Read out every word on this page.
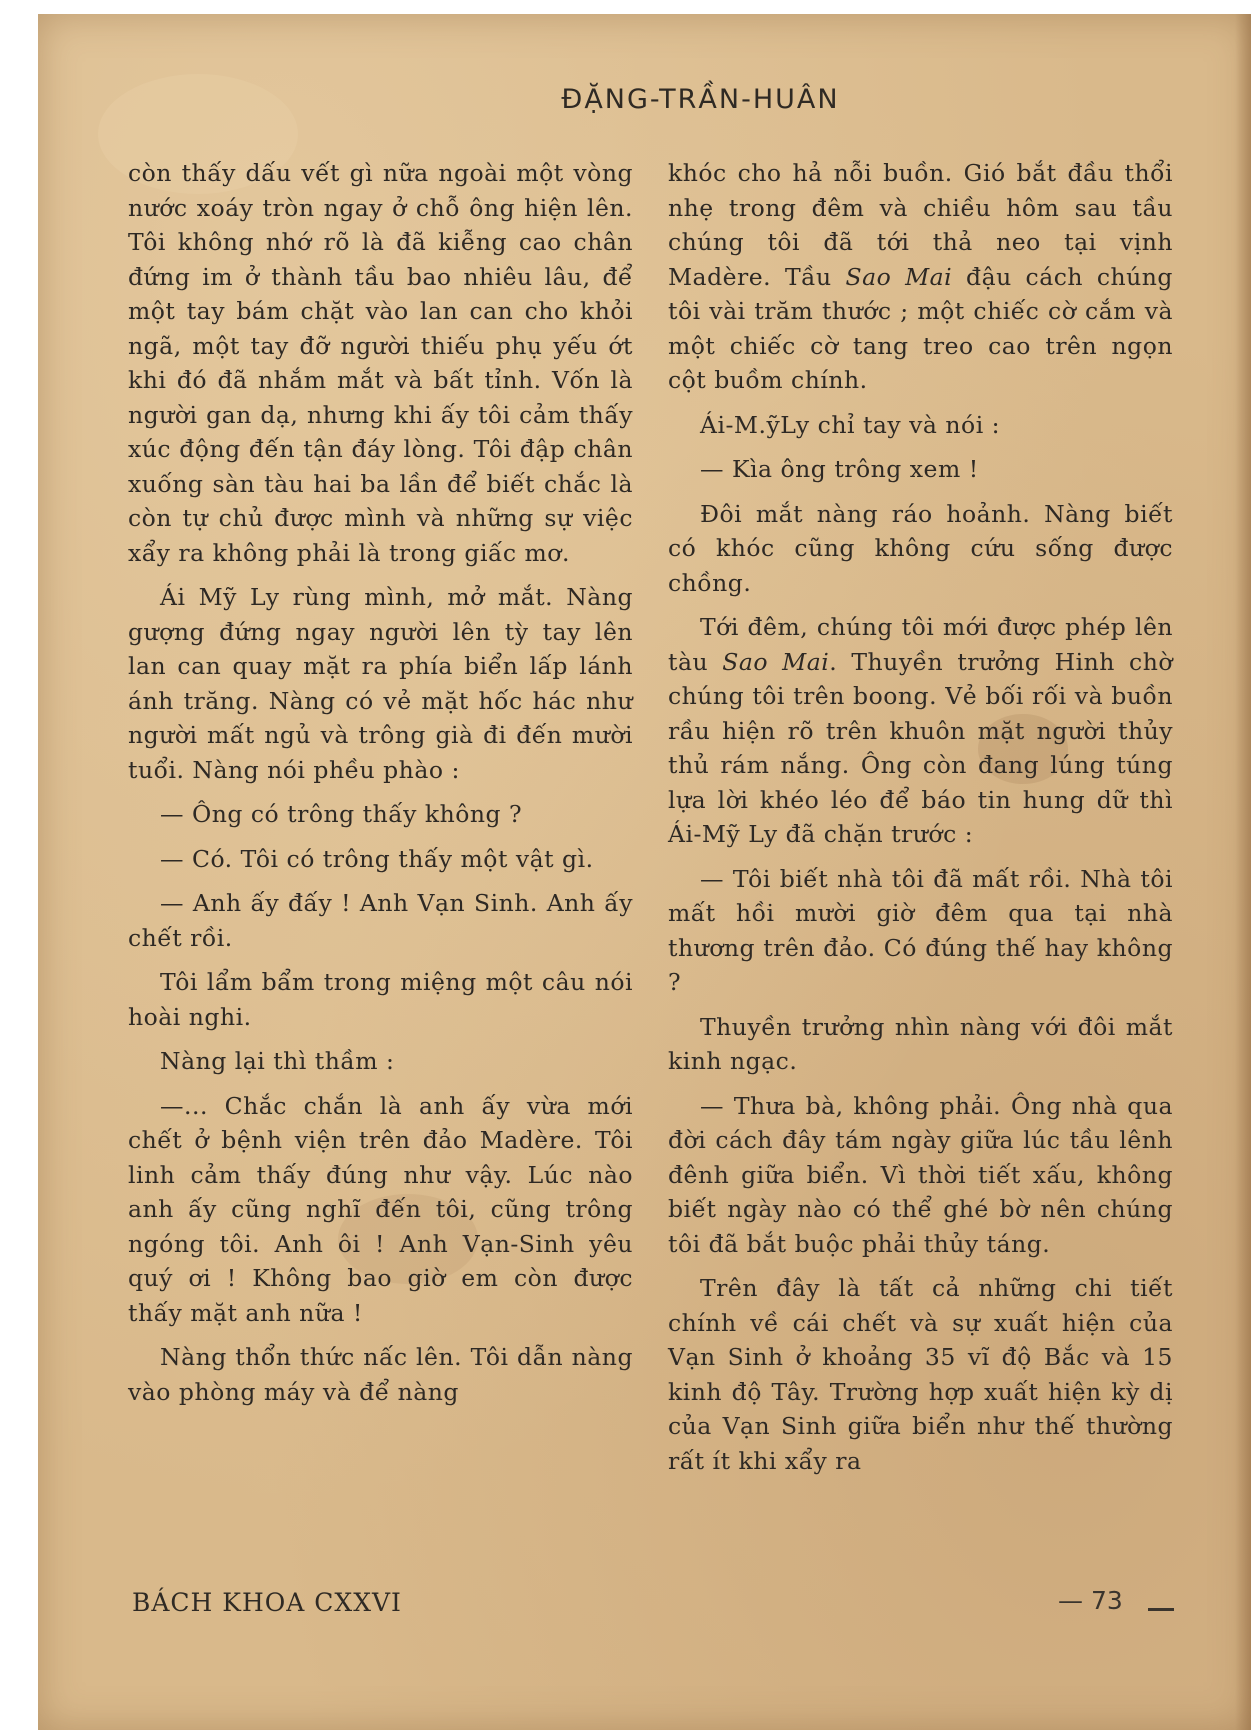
ĐẶNG-TRẦN-HUÂN

còn thấy dấu vết gì nữa ngoài một vòng nước xoáy tròn ngay ở chỗ ông hiện lên. Tôi không nhớ rõ là đã kiễng cao chân đứng im ở thành tầu bao nhiêu lâu, để một tay bám chặt vào lan can cho khỏi ngã, một tay đỡ người thiếu phụ yếu ớt khi đó đã nhắm mắt và bất tỉnh. Vốn là người gan dạ, nhưng khi ấy tôi cảm thấy xúc động đến tận đáy lòng. Tôi đập chân xuống sàn tàu hai ba lần để biết chắc là còn tự chủ được mình và những sự việc xẩy ra không phải là trong giấc mơ.

Ái Mỹ Ly rùng mình, mở mắt. Nàng gượng đứng ngay người lên tỳ tay lên lan can quay mặt ra phía biển lấp lánh ánh trăng. Nàng có vẻ mặt hốc hác như người mất ngủ và trông già đi đến mười tuổi. Nàng nói phều phào :

— Ông có trông thấy không ?

— Có. Tôi có trông thấy một vật gì.

— Anh ấy đấy ! Anh Vạn Sinh. Anh ấy chết rồi.

Tôi lẩm bẩm trong miệng một câu nói hoài nghi.

Nàng lại thì thầm :

—... Chắc chắn là anh ấy vừa mới chết ở bệnh viện trên đảo Madère. Tôi linh cảm thấy đúng như vậy. Lúc nào anh ấy cũng nghĩ đến tôi, cũng trông ngóng tôi. Anh ôi ! Anh Vạn-Sinh yêu quý ơi ! Không bao giờ em còn được thấy mặt anh nữa !

Nàng thổn thức nấc lên. Tôi dẫn nàng vào phòng máy và để nàng

khóc cho hả nỗi buồn. Gió bắt đầu thổi nhẹ trong đêm và chiều hôm sau tầu chúng tôi đã tới thả neo tại vịnh Madère. Tầu Sao Mai đậu cách chúng tôi vài trăm thước ; một chiếc cờ cắm và một chiếc cờ tang treo cao trên ngọn cột buồm chính.

Ái-M.ỹLy chỉ tay và nói :

— Kìa ông trông xem !

Đôi mắt nàng ráo hoảnh. Nàng biết có khóc cũng không cứu sống được chồng.

Tới đêm, chúng tôi mới được phép lên tàu Sao Mai. Thuyền trưởng Hinh chờ chúng tôi trên boong. Vẻ bối rối và buồn rầu hiện rõ trên khuôn mặt người thủy thủ rám nắng. Ông còn đang lúng túng lựa lời khéo léo để báo tin hung dữ thì Ái-Mỹ Ly đã chặn trước :

— Tôi biết nhà tôi đã mất rồi. Nhà tôi mất hồi mười giờ đêm qua tại nhà thương trên đảo. Có đúng thế hay không ?

Thuyền trưởng nhìn nàng với đôi mắt kinh ngạc.

— Thưa bà, không phải. Ông nhà qua đời cách đây tám ngày giữa lúc tầu lênh đênh giữa biển. Vì thời tiết xấu, không biết ngày nào có thể ghé bờ nên chúng tôi đã bắt buộc phải thủy táng.

Trên đây là tất cả những chi tiết chính về cái chết và sự xuất hiện của Vạn Sinh ở khoảng 35 vĩ độ Bắc và 15 kinh độ Tây. Trường hợp xuất hiện kỳ dị của Vạn Sinh giữa biển như thế thường rất ít khi xẩy ra

BÁCH KHOA CXXVI	— 73
